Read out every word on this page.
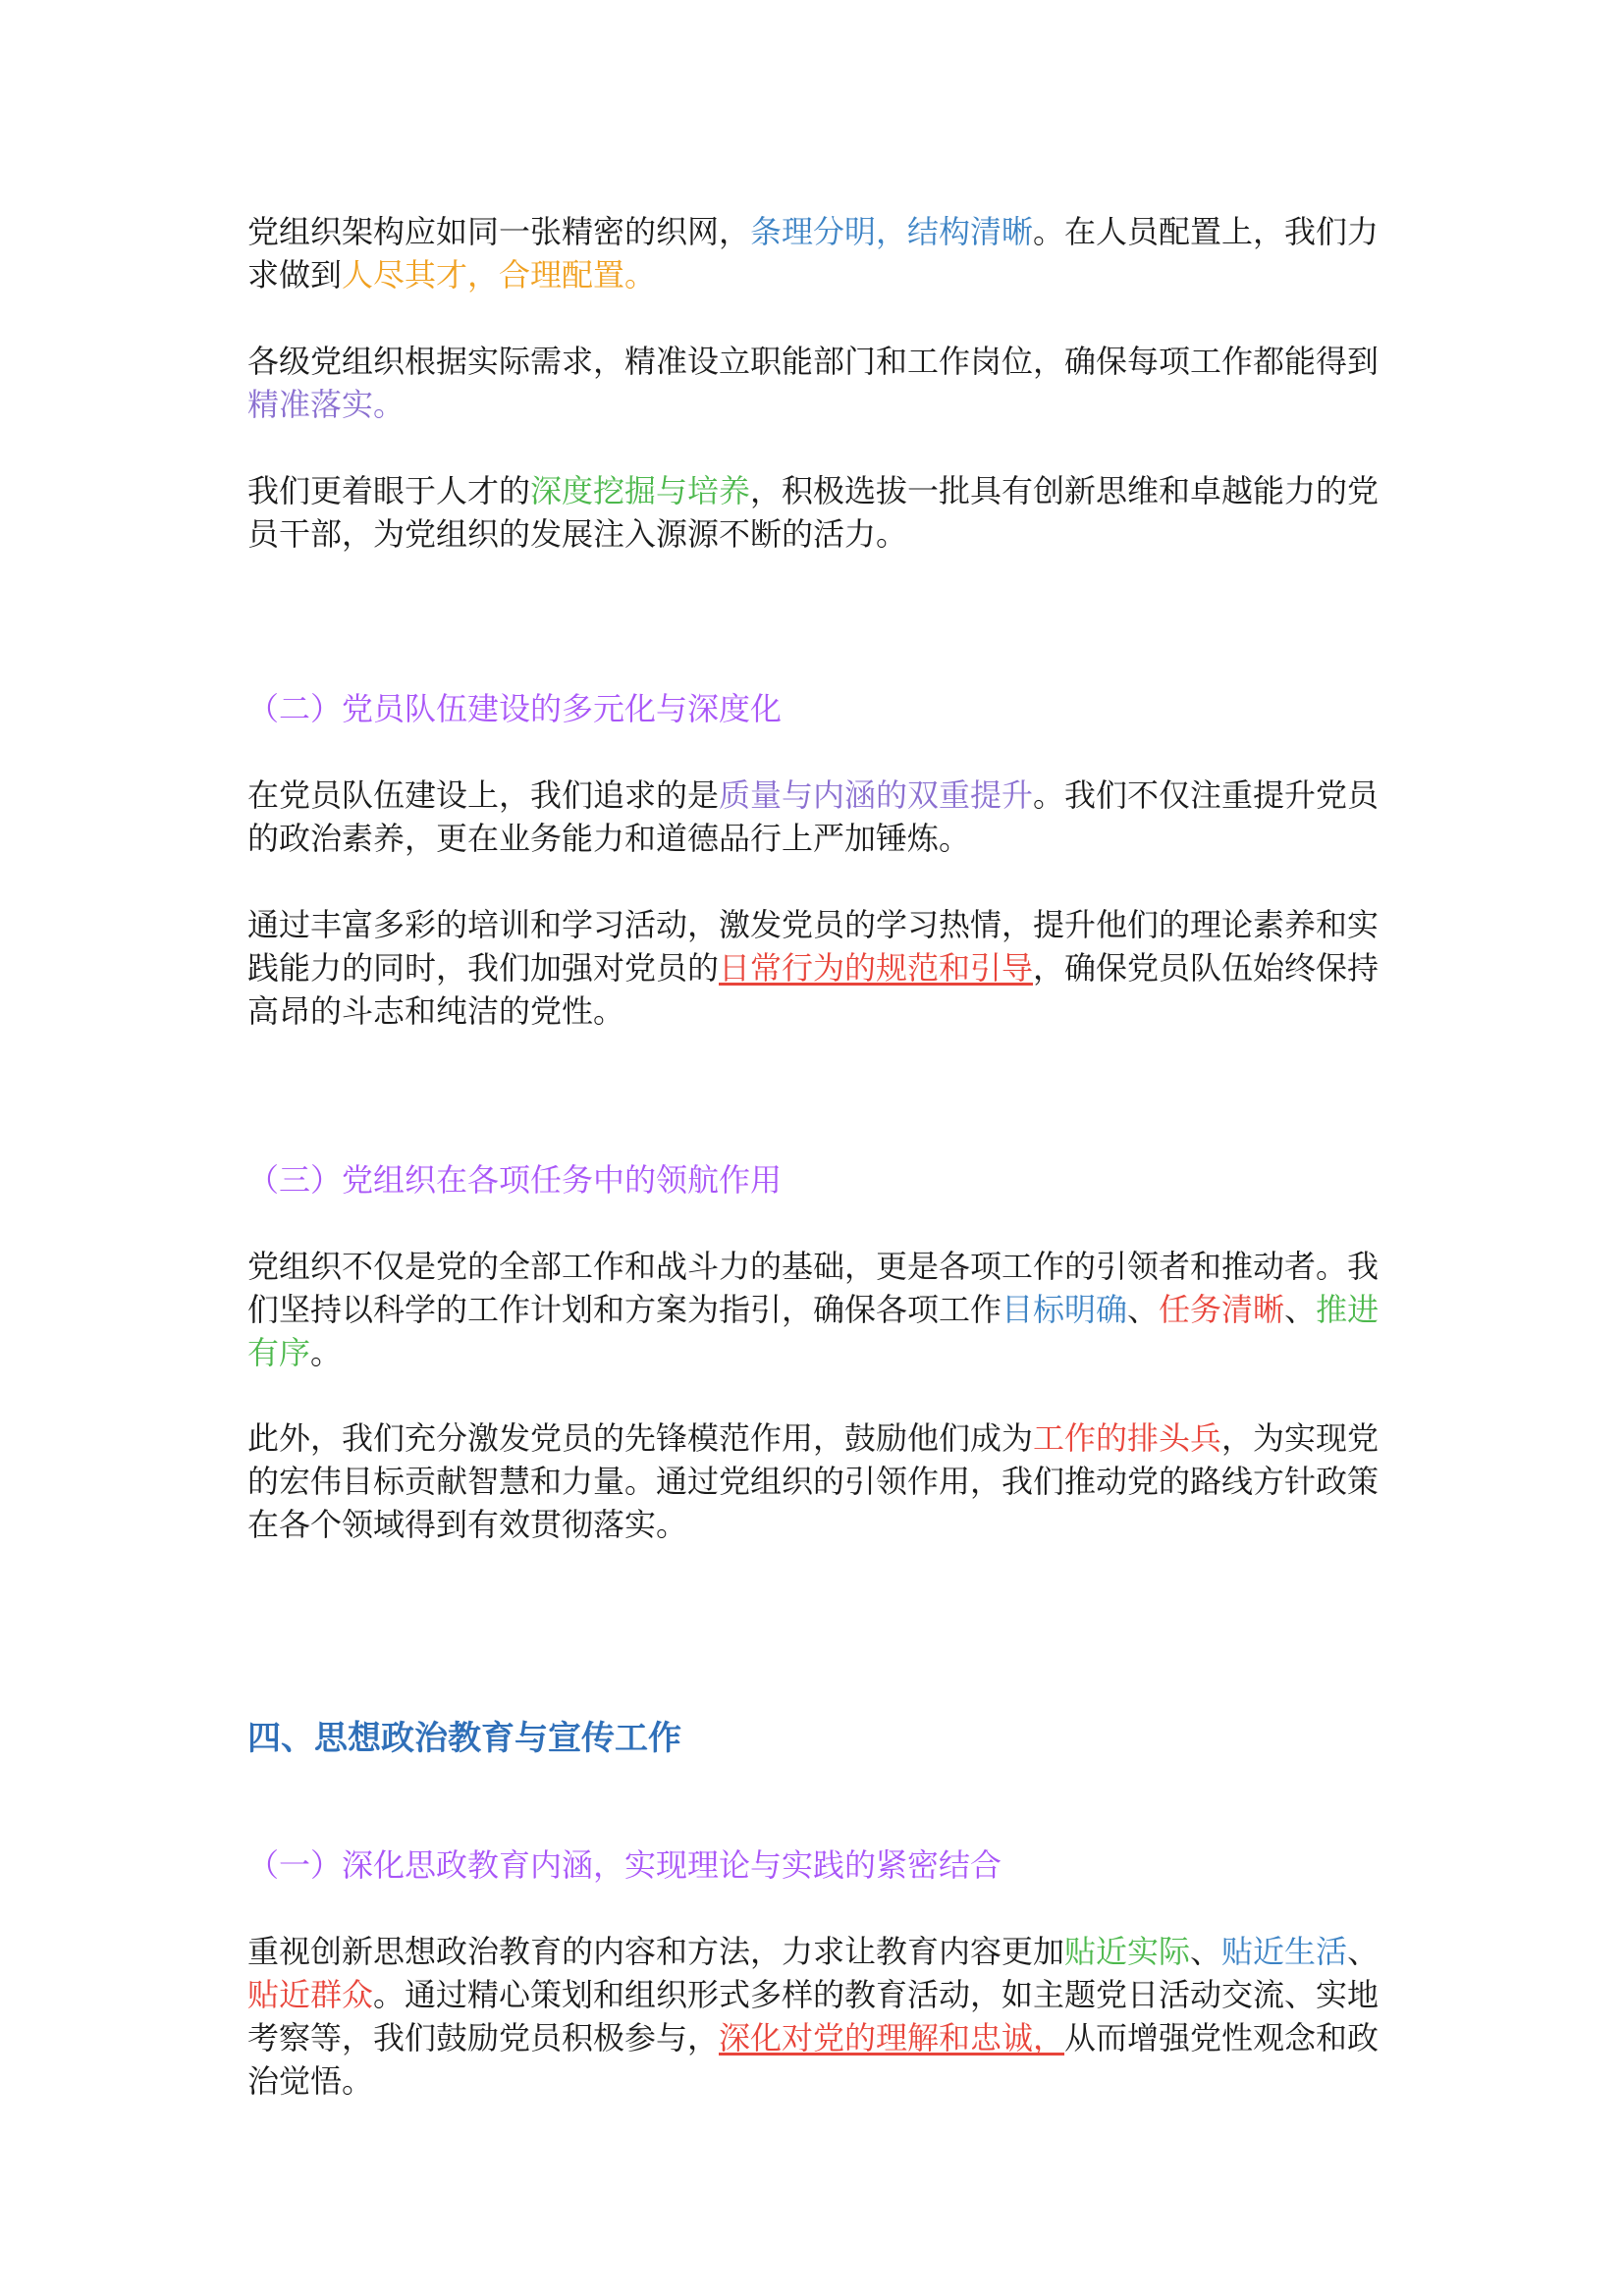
党组织架构应如同一张精密的织网，条理分明，结构清晰。在人员配置上，我们力求做到人尽其才，合理配置。

各级党组织根据实际需求，精准设立职能部门和工作岗位，确保每项工作都能得到精准落实。

我们更着眼于人才的深度挖掘与培养，积极选拔一批具有创新思维和卓越能力的党员干部，为党组织的发展注入源源不断的活力。

（二）党员队伍建设的多元化与深度化

在党员队伍建设上，我们追求的是质量与内涵的双重提升。我们不仅注重提升党员的政治素养，更在业务能力和道德品行上严加锤炼。

通过丰富多彩的培训和学习活动，激发党员的学习热情，提升他们的理论素养和实践能力的同时，我们加强对党员的日常行为的规范和引导，确保党员队伍始终保持高昂的斗志和纯洁的党性。

（三）党组织在各项任务中的领航作用

党组织不仅是党的全部工作和战斗力的基础，更是各项工作的引领者和推动者。我们坚持以科学的工作计划和方案为指引，确保各项工作目标明确、任务清晰、推进有序。

此外，我们充分激发党员的先锋模范作用，鼓励他们成为工作的排头兵，为实现党的宏伟目标贡献智慧和力量。通过党组织的引领作用，我们推动党的路线方针政策在各个领域得到有效贯彻落实。

四、思想政治教育与宣传工作

（一）深化思政教育内涵，实现理论与实践的紧密结合

重视创新思想政治教育的内容和方法，力求让教育内容更加贴近实际、贴近生活、贴近群众。通过精心策划和组织形式多样的教育活动，如主题党日活动交流、实地考察等，我们鼓励党员积极参与，深化对党的理解和忠诚，从而增强党性观念和政治觉悟。
